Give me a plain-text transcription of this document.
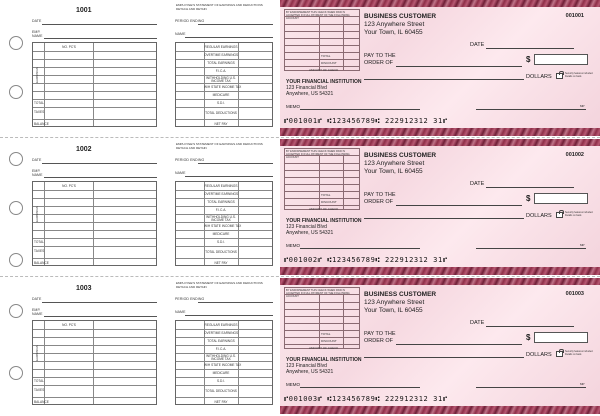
1001
DATE
EMP.
NAME
NO. PC'S
EARNINGS
TOTAL
TAXES
BALANCE
PERIOD ENDING
NAME
EMPLOYEE'S STATEMENT OF EARNINGS AND DEDUCTIONS DETACH AND RETAIN
REGULAR EARNINGS
OVERTIME EARNINGS
TOTAL EARNINGS
F.I.C.A.
WITHHOLDING U.S. INCOME TAX
W/H STATE INCOME TAX
MEDICARE
S.D.I.
TOTAL DEDUCTIONS
NET PAY
BY ENDORSEMENT THIS CHECK WHEN PAID IS ACCEPTED IN FULL PAYMENT OF THE FOLLOWING ACCOUNT
TOTAL
DISCOUNT
AMOUNT OF CHECK
BUSINESS CUSTOMER
123 Anywhere Street
Your Town, IL 60455
001001
DATE
PAY TO THE
ORDER OF	$
DOLLARS
Security features included. Details on back.
YOUR FINANCIAL INSTITUTION
123 Financial Blvd
Anywhere, US 54321
MEMO	MP
⑈001001⑈ ⑆123456789⑆ 222912312 31⑈
1002
DATE
EMP.
NAME
NO. PC'S
EARNINGS
TOTAL
TAXES
BALANCE
PERIOD ENDING
NAME
EMPLOYEE'S STATEMENT OF EARNINGS AND DEDUCTIONS DETACH AND RETAIN
REGULAR EARNINGS
OVERTIME EARNINGS
TOTAL EARNINGS
F.I.C.A.
WITHHOLDING U.S. INCOME TAX
W/H STATE INCOME TAX
MEDICARE
S.D.I.
TOTAL DEDUCTIONS
NET PAY
BY ENDORSEMENT THIS CHECK WHEN PAID IS ACCEPTED IN FULL PAYMENT OF THE FOLLOWING ACCOUNT
TOTAL
DISCOUNT
AMOUNT OF CHECK
BUSINESS CUSTOMER
123 Anywhere Street
Your Town, IL 60455
001002
DATE
PAY TO THE
ORDER OF	$
DOLLARS
Security features included. Details on back.
YOUR FINANCIAL INSTITUTION
123 Financial Blvd
Anywhere, US 54321
MEMO	MP
⑈001002⑈ ⑆123456789⑆ 222912312 31⑈
1003
DATE
EMP.
NAME
NO. PC'S
EARNINGS
TOTAL
TAXES
BALANCE
PERIOD ENDING
NAME
EMPLOYEE'S STATEMENT OF EARNINGS AND DEDUCTIONS DETACH AND RETAIN
REGULAR EARNINGS
OVERTIME EARNINGS
TOTAL EARNINGS
F.I.C.A.
WITHHOLDING U.S. INCOME TAX
W/H STATE INCOME TAX
MEDICARE
S.D.I.
TOTAL DEDUCTIONS
NET PAY
BY ENDORSEMENT THIS CHECK WHEN PAID IS ACCEPTED IN FULL PAYMENT OF THE FOLLOWING ACCOUNT
TOTAL
DISCOUNT
AMOUNT OF CHECK
BUSINESS CUSTOMER
123 Anywhere Street
Your Town, IL 60455
001003
DATE
PAY TO THE
ORDER OF	$
DOLLARS
Security features included. Details on back.
YOUR FINANCIAL INSTITUTION
123 Financial Blvd
Anywhere, US 54321
MEMO	MP
⑈001003⑈ ⑆123456789⑆ 222912312 31⑈
